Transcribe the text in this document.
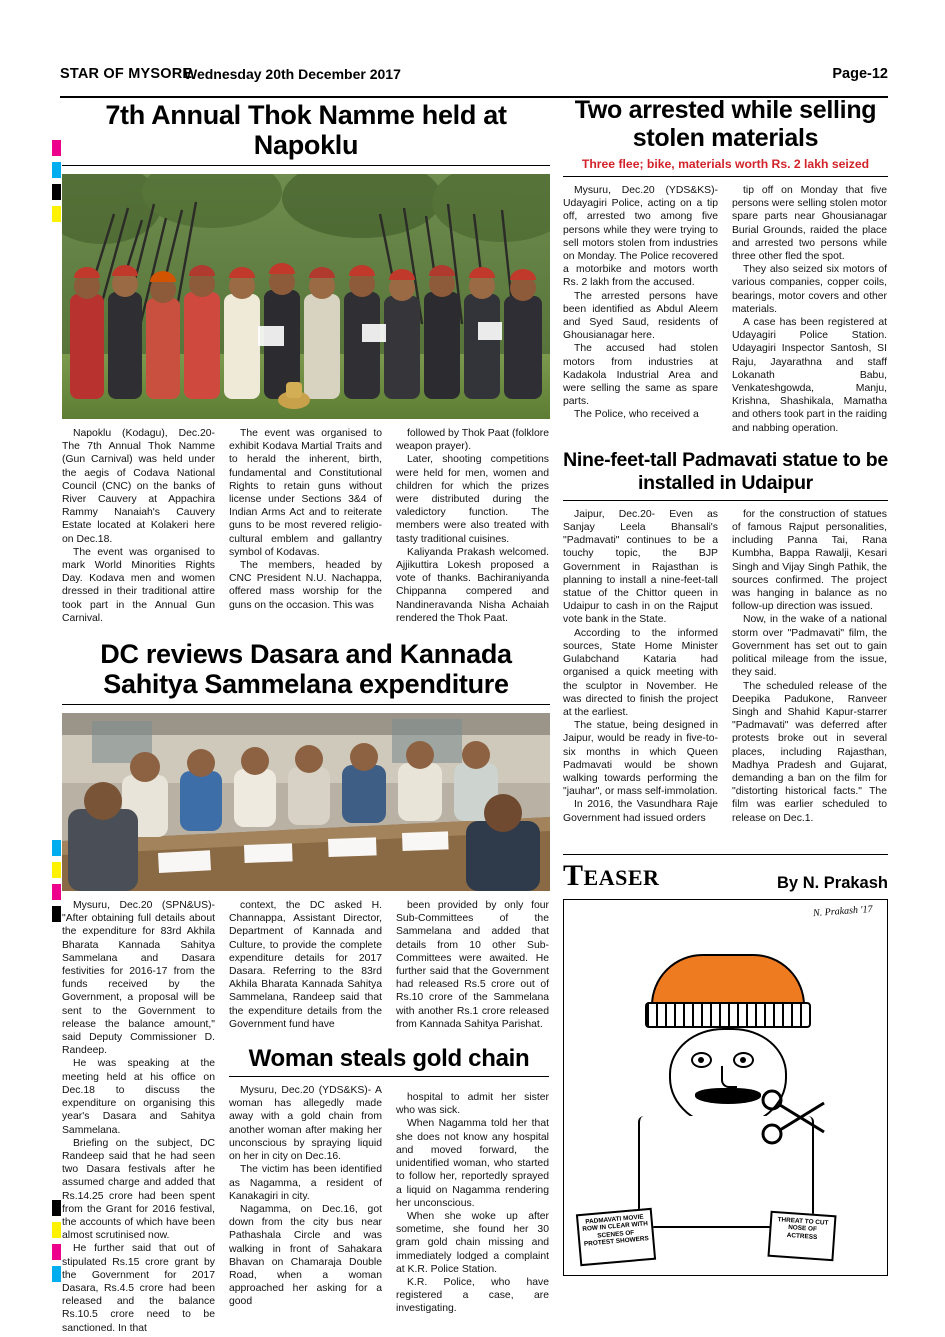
STAR OF MYSORE
Wednesday 20th December 2017	Page-12
7th Annual Thok Namme held at Napoklu

Napoklu (Kodagu), Dec.20- The 7th Annual Thok Namme (Gun Carnival) was held under the aegis of Codava National Council (CNC) on the banks of River Cauvery at Appachira Rammy Nanaiah's Cauvery Estate located at Kolakeri here on Dec.18.

The event was organised to mark World Minorities Rights Day. Kodava men and women dressed in their traditional attire took part in the Annual Gun Carnival.

The event was organised to exhibit Kodava Martial Traits and to herald the inherent, birth, fundamental and Constitutional Rights to retain guns without license under Sections 3&4 of Indian Arms Act and to reiterate guns to be most revered religio-cultural emblem and gallantry symbol of Kodavas.

The members, headed by CNC President N.U. Nachappa, offered mass worship for the guns on the occasion. This was

followed by Thok Paat (folklore weapon prayer).

Later, shooting competitions were held for men, women and children for which the prizes were distributed during the valedictory function. The members were also treated with tasty traditional cuisines.

Kaliyanda Prakash welcomed. Ajjikuttira Lokesh proposed a vote of thanks. Bachiraniyanda Chippanna compered and Nandineravanda Nisha Achaiah rendered the Thok Paat.

DC reviews Dasara and Kannada Sahitya Sammelana expenditure

Mysuru, Dec.20 (SPN&US)- "After obtaining full details about the expenditure for 83rd Akhila Bharata Kannada Sahitya Sammelana and Dasara festivities for 2016-17 from the funds received by the Government, a proposal will be sent to the Government to release the balance amount," said Deputy Commissioner D. Randeep.

He was speaking at the meeting held at his office on Dec.18 to discuss the expenditure on organising this year's Dasara and Sahitya Sammelana.

Briefing on the subject, DC Randeep said that he had seen two Dasara festivals after he assumed charge and added that Rs.14.25 crore had been spent from the Grant for 2016 festival, the accounts of which have been almost scrutinised now.

He further said that out of stipulated Rs.15 crore grant by the Government for 2017 Dasara, Rs.4.5 crore had been released and the balance Rs.10.5 crore need to be sanctioned. In that

context, the DC asked H. Channappa, Assistant Director, Department of Kannada and Culture, to provide the complete expenditure details for 2017 Dasara. Referring to the 83rd Akhila Bharata Kannada Sahitya Sammelana, Randeep said that the expenditure details from the Government fund have

Woman steals gold chain

Mysuru, Dec.20 (YDS&KS)- A woman has allegedly made away with a gold chain from another woman after making her unconscious by spraying liquid on her in city on Dec.16.

The victim has been identified as Nagamma, a resident of Kanakagiri in city.

Nagamma, on Dec.16, got down from the city bus near Pathashala Circle and was walking in front of Sahakara Bhavan on Chamaraja Double Road, when a woman approached her asking for a good

been provided by only four Sub-Committees of the Sammelana and added that details from 10 other Sub-Committees were awaited. He further said that the Government had released Rs.5 crore out of Rs.10 crore of the Sammelana with another Rs.1 crore released from Kannada Sahitya Parishat.

hospital to admit her sister who was sick.

When Nagamma told her that she does not know any hospital and moved forward, the unidentified woman, who started to follow her, reportedly sprayed a liquid on Nagamma rendering her unconscious.

When she woke up after sometime, she found her 30 gram gold chain missing and immediately lodged a complaint at K.R. Police Station.

K.R. Police, who have registered a case, are investigating.

Two arrested while selling stolen materials
Three flee; bike, materials worth Rs. 2 lakh seized

Mysuru, Dec.20 (YDS&KS)- Udayagiri Police, acting on a tip off, arrested two among five persons while they were trying to sell motors stolen from industries on Monday. The Police recovered a motorbike and motors worth Rs. 2 lakh from the accused.

The arrested persons have been identified as Abdul Aleem and Syed Saud, residents of Ghousianagar here.

The accused had stolen motors from industries at Kadakola Industrial Area and were selling the same as spare parts.

The Police, who received a

tip off on Monday that five persons were selling stolen motor spare parts near Ghousianagar Burial Grounds, raided the place and arrested two persons while three other fled the spot.

They also seized six motors of various companies, copper coils, bearings, motor covers and other materials.

A case has been registered at Udayagiri Police Station. Udayagiri Inspector Santosh, SI Raju, Jayarathna and staff Lokanath Babu, Venkateshgowda, Manju, Krishna, Shashikala, Mamatha and others took part in the raiding and nabbing operation.

Nine-feet-tall Padmavati statue to be installed in Udaipur

Jaipur, Dec.20- Even as Sanjay Leela Bhansali's "Padmavati" continues to be a touchy topic, the BJP Government in Rajasthan is planning to install a nine-feet-tall statue of the Chittor queen in Udaipur to cash in on the Rajput vote bank in the State.

According to the informed sources, State Home Minister Gulabchand Kataria had organised a quick meeting with the sculptor in November. He was directed to finish the project at the earliest.

The statue, being designed in Jaipur, would be ready in five-to-six months in which Queen Padmavati would be shown walking towards performing the "jauhar", or mass self-immolation.

In 2016, the Vasundhara Raje Government had issued orders

for the construction of statues of famous Rajput personalities, including Panna Tai, Rana Kumbha, Bappa Rawalji, Kesari Singh and Vijay Singh Pathik, the sources confirmed. The project was hanging in balance as no follow-up direction was issued.

Now, in the wake of a national storm over "Padmavati" film, the Government has set out to gain political mileage from the issue, they said.

The scheduled release of the Deepika Padukone, Ranveer Singh and Shahid Kapur-starrer "Padmavati" was deferred after protests broke out in several places, including Rajasthan, Madhya Pradesh and Gujarat, demanding a ban on the film for "distorting historical facts." The film was earlier scheduled to release on Dec.1.

TEASER	By N. Prakash
N. Prakash '17
PADMAVATI MOVIE ROW IN CLEAR WITH SCENES OF PROTEST SHOWERS
THREAT TO CUT NOSE OF ACTRESS
